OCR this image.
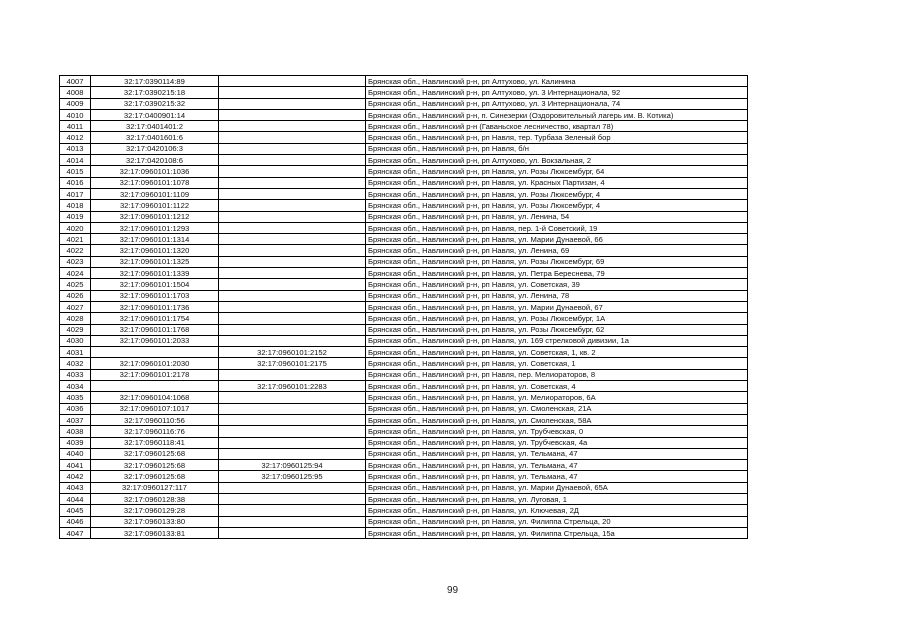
4007	32:17:0390114:89		Брянская обл., Навлинский р-н, рп Алтухово, ул. Калинина
4008	32:17:0390215:18		Брянская обл., Навлинский р-н, рп Алтухово, ул. 3 Интернационала, 92
4009	32:17:0390215:32		Брянская обл., Навлинский р-н, рп Алтухово, ул. 3 Интернационала, 74
4010	32:17:0400901:14		Брянская обл., Навлинский р-н, п. Синезерки (Оздоровительный лагерь им. В. Котика)
4011	32:17:0401401:2		Брянская обл., Навлинский р-н (Гаваньское лесничество, квартал 78)
4012	32:17:0401601:6		Брянская обл., Навлинский р-н, рп Навля, тер. Турбаза Зеленый бор
4013	32:17:0420106:3		Брянская обл., Навлинский р-н, рп Навля, б/н
4014	32:17:0420108:6		Брянская обл., Навлинский р-н, рп Алтухово, ул. Вокзальная, 2
4015	32:17:0960101:1036		Брянская обл., Навлинский р-н, рп Навля, ул. Розы Люксембург, 64
4016	32:17:0960101:1078		Брянская обл., Навлинский р-н, рп Навля, ул. Красных Партизан, 4
4017	32:17:0960101:1109		Брянская обл., Навлинский р-н, рп Навля, ул. Розы Люксембург, 4
4018	32:17:0960101:1122		Брянская обл., Навлинский р-н, рп Навля, ул. Розы Люксембург, 4
4019	32:17:0960101:1212		Брянская обл., Навлинский р-н, рп Навля, ул. Ленина, 54
4020	32:17:0960101:1293		Брянская обл., Навлинский р-н, рп Навля, пер. 1-й Советский, 19
4021	32:17:0960101:1314		Брянская обл., Навлинский р-н, рп Навля, ул. Марии Дунаевой, 66
4022	32:17:0960101:1320		Брянская обл., Навлинский р-н, рп Навля, ул. Ленина, 69
4023	32:17:0960101:1325		Брянская обл., Навлинский р-н, рп Навля, ул. Розы Люксембург, 69
4024	32:17:0960101:1339		Брянская обл., Навлинский р-н, рп Навля, ул. Петра Береснева, 79
4025	32:17:0960101:1504		Брянская обл., Навлинский р-н, рп Навля, ул. Советская, 39
4026	32:17:0960101:1703		Брянская обл., Навлинский р-н, рп Навля, ул. Ленина, 78
4027	32:17:0960101:1736		Брянская обл., Навлинский р-н, рп Навля, ул. Марии Дунаевой, 67
4028	32:17:0960101:1754		Брянская обл., Навлинский р-н, рп Навля, ул. Розы Люксембург, 1А
4029	32:17:0960101:1768		Брянская обл., Навлинский р-н, рп Навля, ул. Розы Люксембург, 62
4030	32:17:0960101:2033		Брянская обл., Навлинский р-н, рп Навля, ул. 169 стрелковой дивизии, 1а
4031		32:17:0960101:2152	Брянская обл., Навлинский р-н, рп Навля, ул. Советская, 1, кв. 2
4032	32:17:0960101:2030	32:17:0960101:2175	Брянская обл., Навлинский р-н, рп Навля, ул. Советская, 1
4033	32:17:0960101:2178		Брянская обл., Навлинский р-н, рп Навля, пер. Мелиораторов, 8
4034		32:17:0960101:2283	Брянская обл., Навлинский р-н, рп Навля, ул. Советская, 4
4035	32:17:0960104:1068		Брянская обл., Навлинский р-н, рп Навля, ул. Мелиораторов, 6А
4036	32:17:0960107:1017		Брянская обл., Навлинский р-н, рп Навля, ул. Смоленская, 21А
4037	32:17:0960110:56		Брянская обл., Навлинский р-н, рп Навля, ул. Смоленская, 58А
4038	32:17:0960116:76		Брянская обл., Навлинский р-н, рп Навля, ул. Трубчевская, 0
4039	32:17:0960118:41		Брянская обл., Навлинский р-н, рп Навля, ул. Трубчевская, 4а
4040	32:17:0960125:68		Брянская обл., Навлинский р-н, рп Навля, ул. Тельмана, 47
4041	32:17:0960125:68	32:17:0960125:94	Брянская обл., Навлинский р-н, рп Навля, ул. Тельмана, 47
4042	32:17:0960125:68	32:17:0960125:95	Брянская обл., Навлинский р-н, рп Навля, ул. Тельмана, 47
4043	32:17:0960127:117		Брянская обл., Навлинский р-н, рп Навля, ул. Марии Дунаевой, 65А
4044	32:17:0960128:38		Брянская обл., Навлинский р-н, рп Навля, ул. Луговая, 1
4045	32:17:0960129:28		Брянская обл., Навлинский р-н, рп Навля, ул. Ключевая, 2Д
4046	32:17:0960133:80		Брянская обл., Навлинский р-н, рп Навля, ул. Филиппа Стрельца, 20
4047	32:17:0960133:81		Брянская обл., Навлинский р-н, рп Навля, ул. Филиппа Стрельца, 15а
99
